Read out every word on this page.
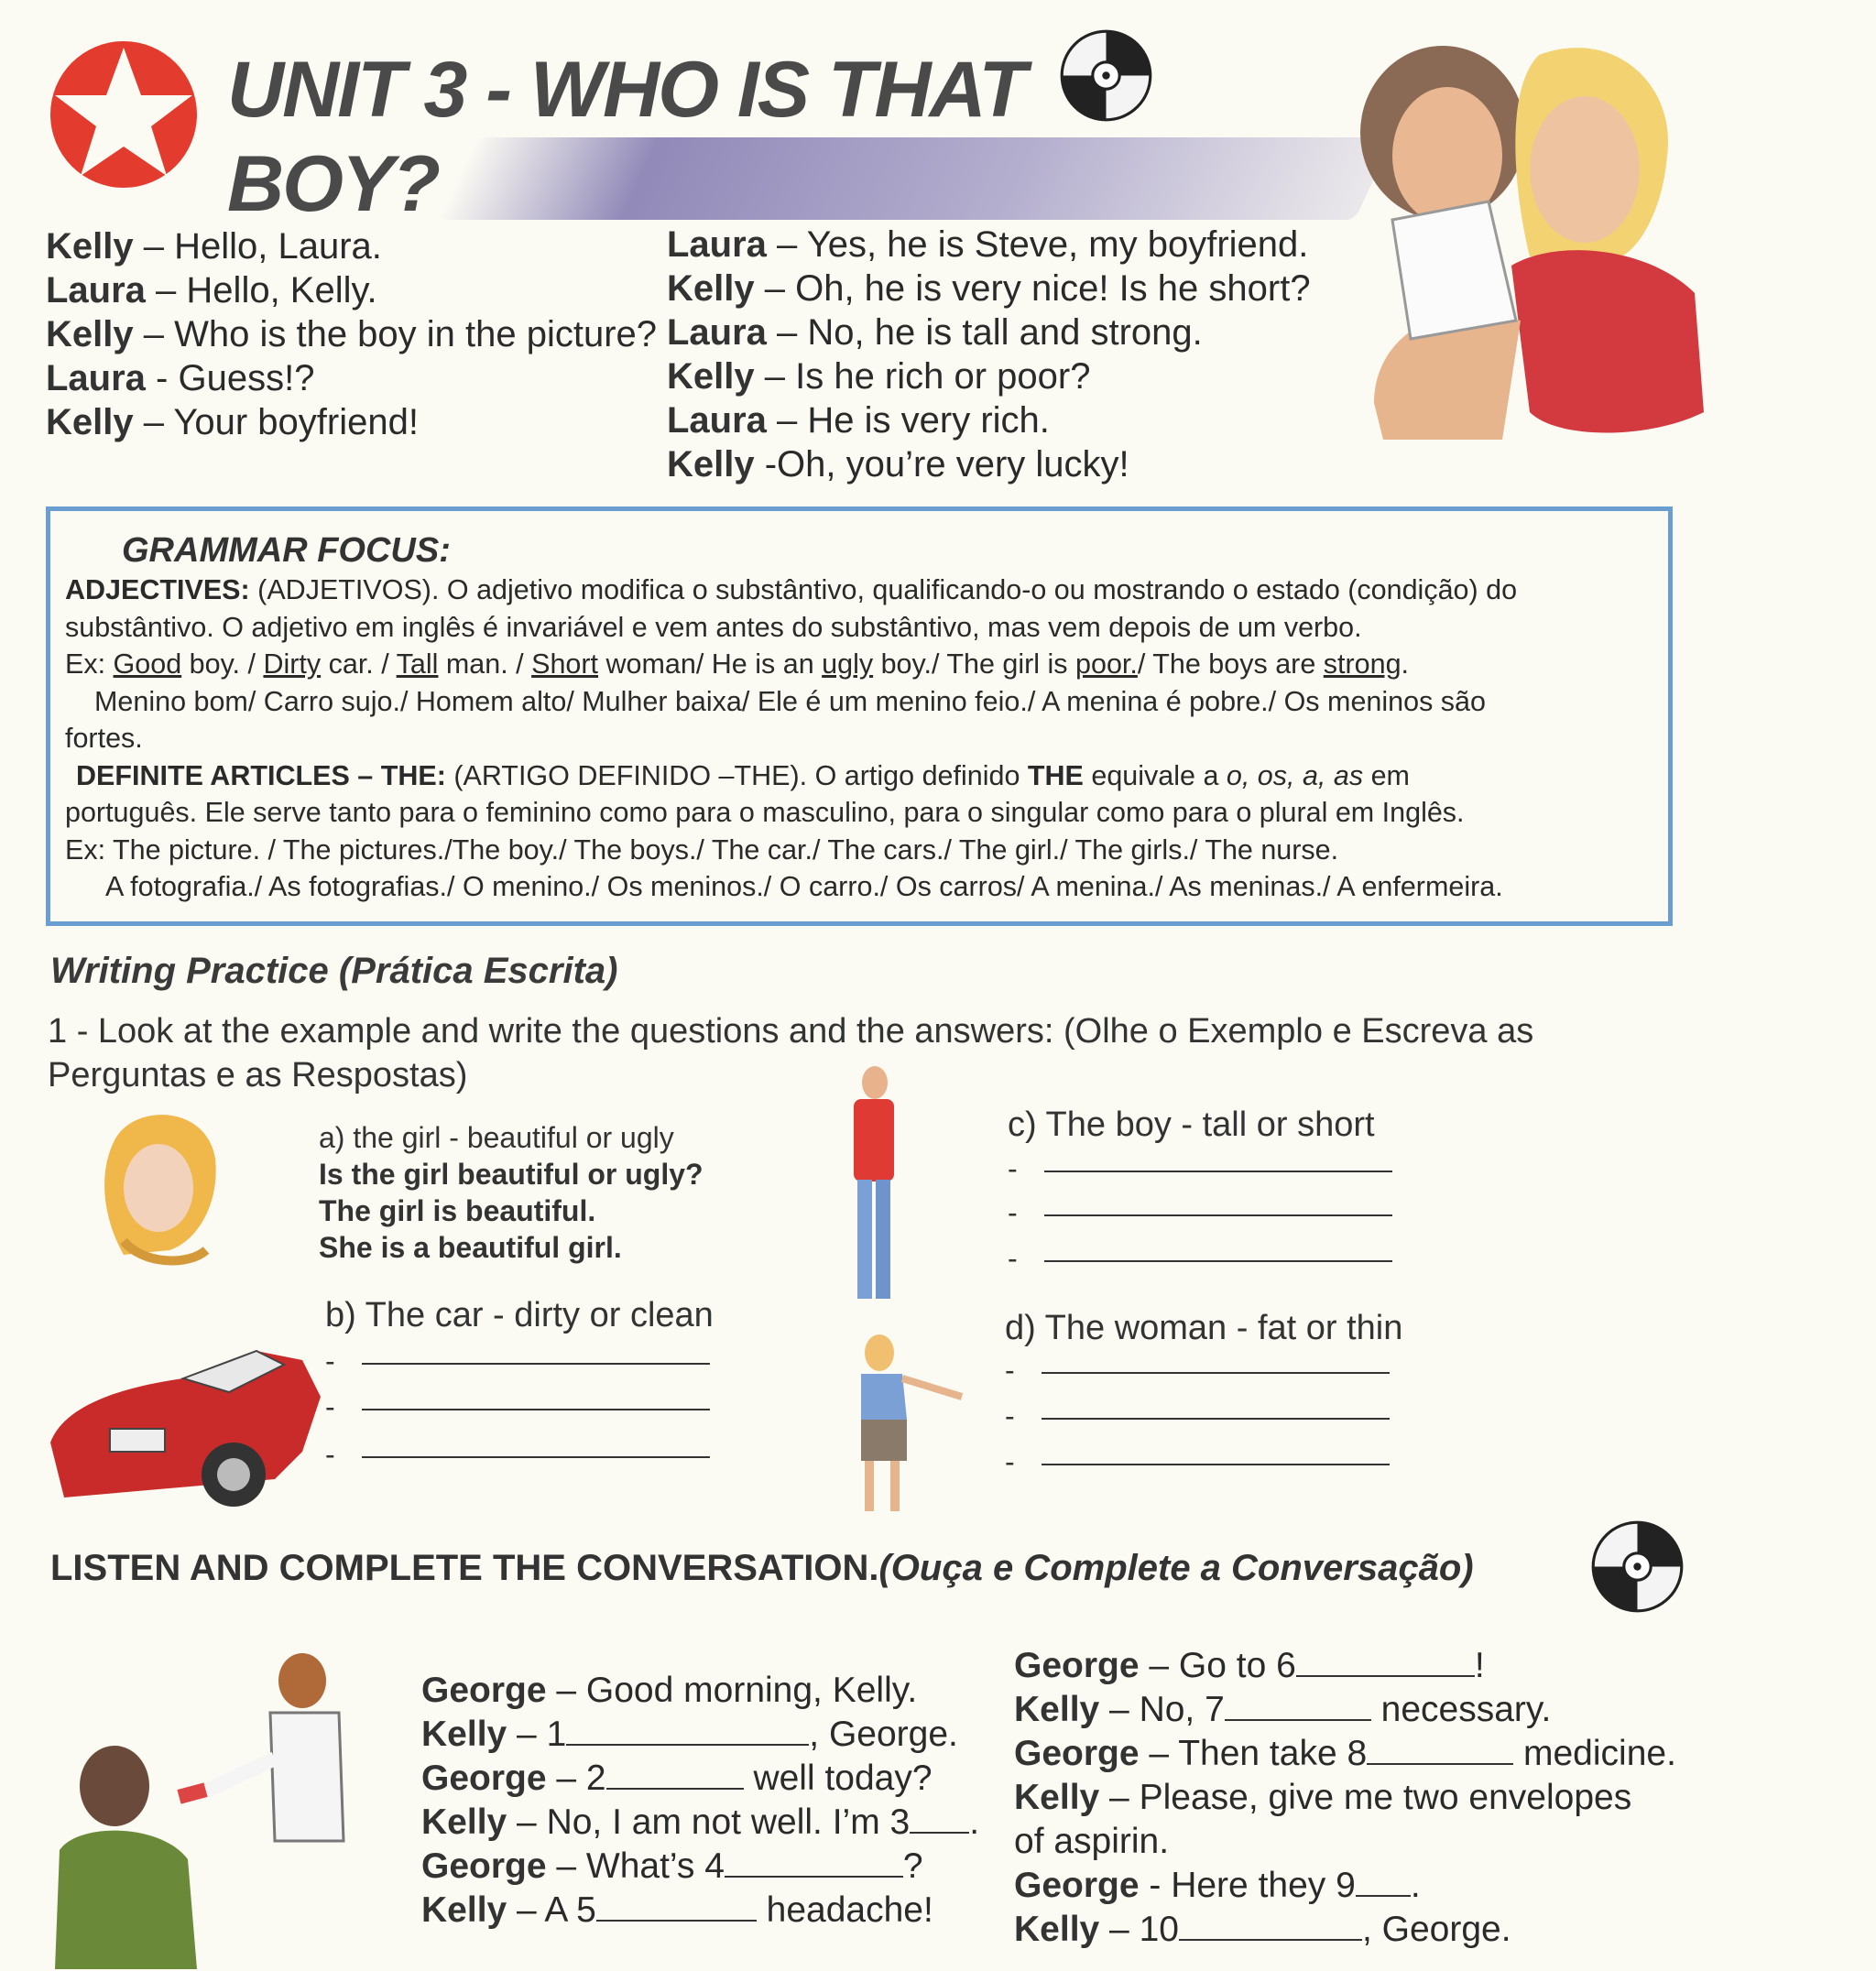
UNIT 3 - WHO IS THAT
BOY?
Kelly – Hello, Laura.
Laura – Hello, Kelly.
Kelly – Who is the boy in the picture?
Laura - Guess!?
Kelly – Your boyfriend!
Laura – Yes, he is Steve, my boyfriend.
Kelly – Oh, he is very nice! Is he short?
Laura – No, he is tall and strong.
Kelly – Is he rich or poor?
Laura – He is very rich.
Kelly -Oh, you’re very lucky!
GRAMMAR FOCUS:
ADJECTIVES: (ADJETIVOS). O adjetivo modifica o substântivo, qualificando-o ou mostrando o estado (condição) do
substântivo. O adjetivo em inglês é invariável e vem antes do substântivo, mas vem depois de um verbo.
Ex: Good boy. / Dirty car. / Tall man. / Short woman/ He is an ugly boy./ The girl is poor./ The boys are strong.
Menino bom/ Carro sujo./ Homem alto/ Mulher baixa/ Ele é um menino feio./ A menina é pobre./ Os meninos são
fortes.
DEFINITE ARTICLES – THE: (ARTIGO DEFINIDO –THE). O artigo definido THE equivale a o, os, a, as em
português. Ele serve tanto para o feminino como para o masculino, para o singular como para o plural em Inglês.
Ex: The picture. / The pictures./The boy./ The boys./ The car./ The cars./ The girl./ The girls./ The nurse.
A fotografia./ As fotografias./ O menino./ Os meninos./ O carro./ Os carros/ A menina./ As meninas./ A enfermeira.
Writing Practice (Prática Escrita)
1 - Look at the example and write the questions and the answers: (Olhe o Exemplo e Escreva as
Perguntas e as Respostas)
a) the girl - beautiful or ugly
Is the girl beautiful or ugly?
The girl is beautiful.
She is a beautiful girl.
b) The car - dirty or clean
-
-
-
c) The boy - tall or short
-
-
-
d) The woman - fat or thin
-
-
-
LISTEN AND COMPLETE THE CONVERSATION.(Ouça e Complete a Conversação)
George – Good morning, Kelly.
Kelly – 1	, George.
George – 2	well today?
Kelly – No, I am not well. I’m 3 .
George – What’s 4	?
Kelly – A 5	headache!
George – Go to 6	!
Kelly – No, 7	necessary.
George – Then take 8	medicine.
Kelly – Please, give me two envelopes
of aspirin.
George - Here they 9 .
Kelly – 10	, George.
